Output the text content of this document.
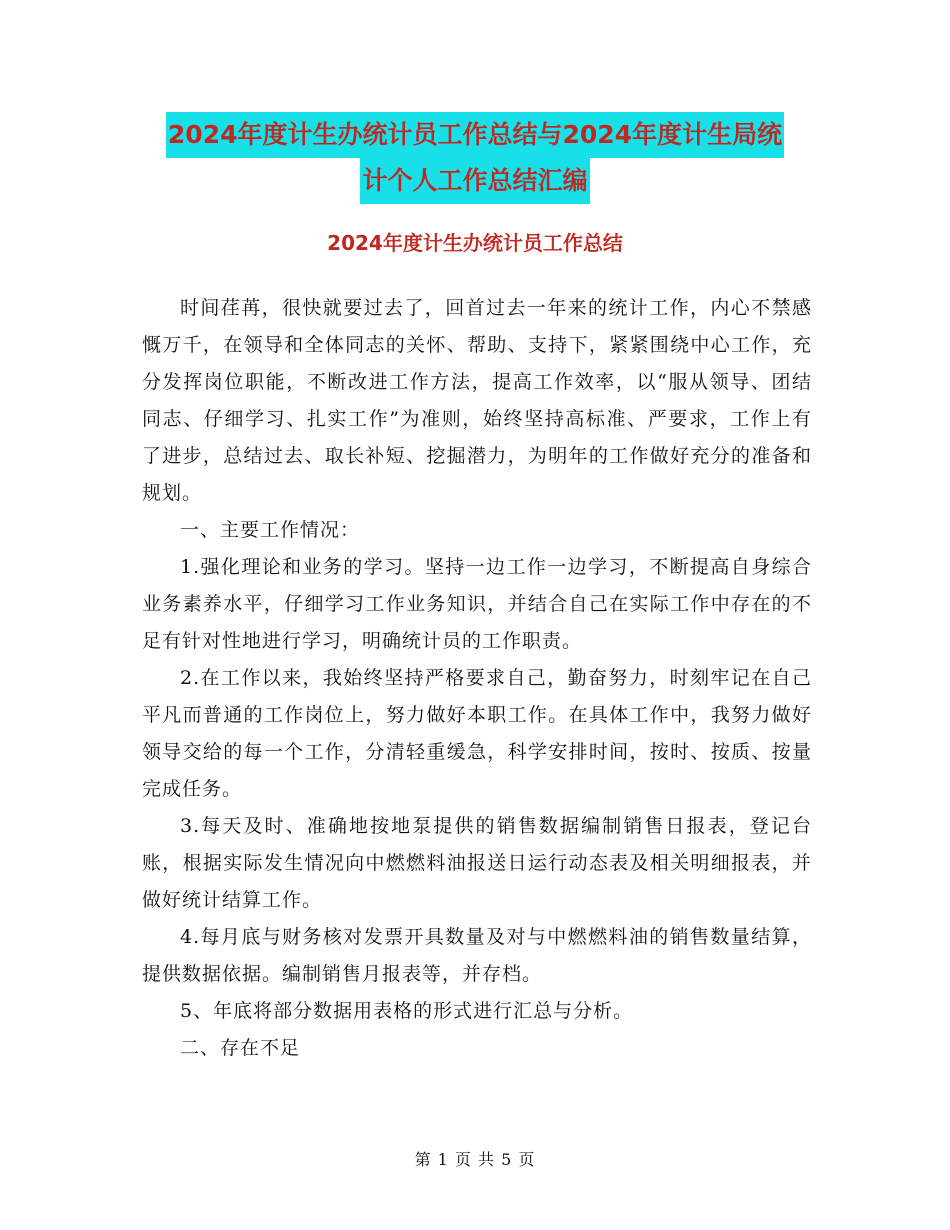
2024年度计生办统计员工作总结与2024年度计生局统
计个人工作总结汇编
2024年度计生办统计员工作总结

时间荏苒，很快就要过去了，回首过去一年来的统计工作，内心不禁感慨万千，在领导和全体同志的关怀、帮助、支持下，紧紧围绕中心工作，充分发挥岗位职能，不断改进工作方法，提高工作效率，以“服从领导、团结同志、仔细学习、扎实工作”为准则，始终坚持高标准、严要求，工作上有了进步，总结过去、取长补短、挖掘潜力，为明年的工作做好充分的准备和规划。

一、主要工作情况：

1.强化理论和业务的学习。坚持一边工作一边学习，不断提高自身综合业务素养水平，仔细学习工作业务知识，并结合自己在实际工作中存在的不足有针对性地进行学习，明确统计员的工作职责。

2.在工作以来，我始终坚持严格要求自己，勤奋努力，时刻牢记在自己平凡而普通的工作岗位上，努力做好本职工作。在具体工作中，我努力做好领导交给的每一个工作，分清轻重缓急，科学安排时间，按时、按质、按量完成任务。

3.每天及时、准确地按地泵提供的销售数据编制销售日报表，登记台账，根据实际发生情况向中燃燃料油报送日运行动态表及相关明细报表，并做好统计结算工作。

4.每月底与财务核对发票开具数量及对与中燃燃料油的销售数量结算，提供数据依据。编制销售月报表等，并存档。

5、年底将部分数据用表格的形式进行汇总与分析。

二、存在不足

第 1 页 共 5 页
